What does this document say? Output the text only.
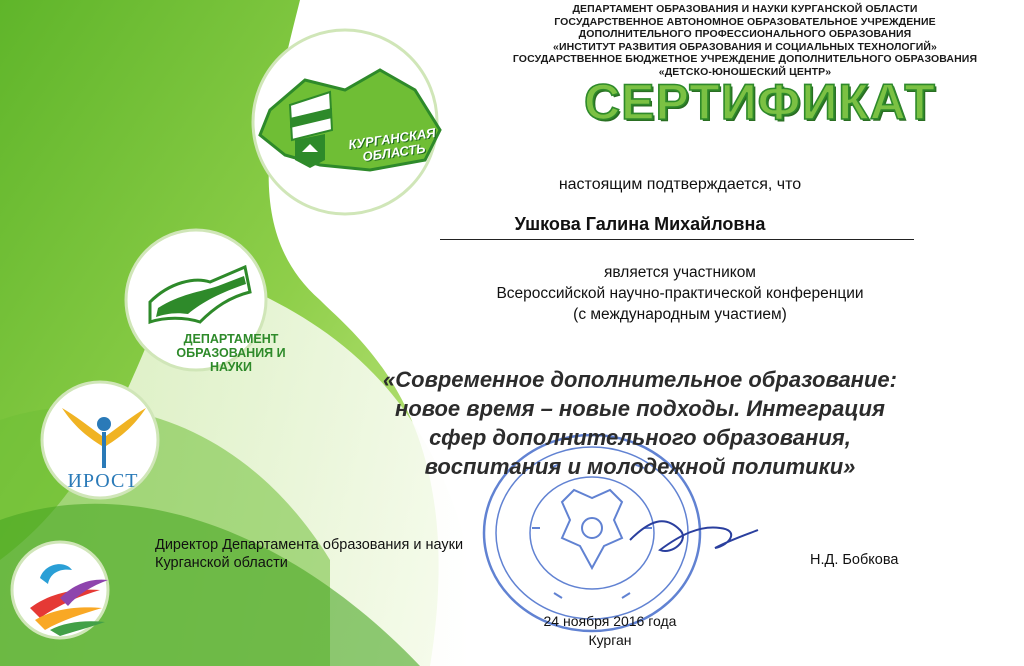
КУРГАНСКАЯ ОБЛАСТЬ
ДЕПАРТАМЕНТ ОБРАЗОВАНИЯ И НАУКИ
ИРОСТ
ДЕПАРТАМЕНТ ОБРАЗОВАНИЯ И НАУКИ КУРГАНСКОЙ ОБЛАСТИ
ГОСУДАРСТВЕННОЕ АВТОНОМНОЕ ОБРАЗОВАТЕЛЬНОЕ УЧРЕЖДЕНИЕ
ДОПОЛНИТЕЛЬНОГО ПРОФЕССИОНАЛЬНОГО ОБРАЗОВАНИЯ
«ИНСТИТУТ РАЗВИТИЯ ОБРАЗОВАНИЯ И СОЦИАЛЬНЫХ ТЕХНОЛОГИЙ»
ГОСУДАРСТВЕННОЕ БЮДЖЕТНОЕ УЧРЕЖДЕНИЕ ДОПОЛНИТЕЛЬНОГО ОБРАЗОВАНИЯ
«ДЕТСКО-ЮНОШЕСКИЙ ЦЕНТР»
СЕРТИФИКАТ
настоящим подтверждается, что
Ушкова Галина Михайловна
является участником
Всероссийской научно-практической конференции
(с международным участием)
«Современное дополнительное образование:
новое время – новые подходы. Интеграция
сфер дополнительного образования,
воспитания и молодежной политики»
Директор Департамента образования и науки
Курганской области	Н.Д. Бобкова
24 ноября 2016 года
Курган
